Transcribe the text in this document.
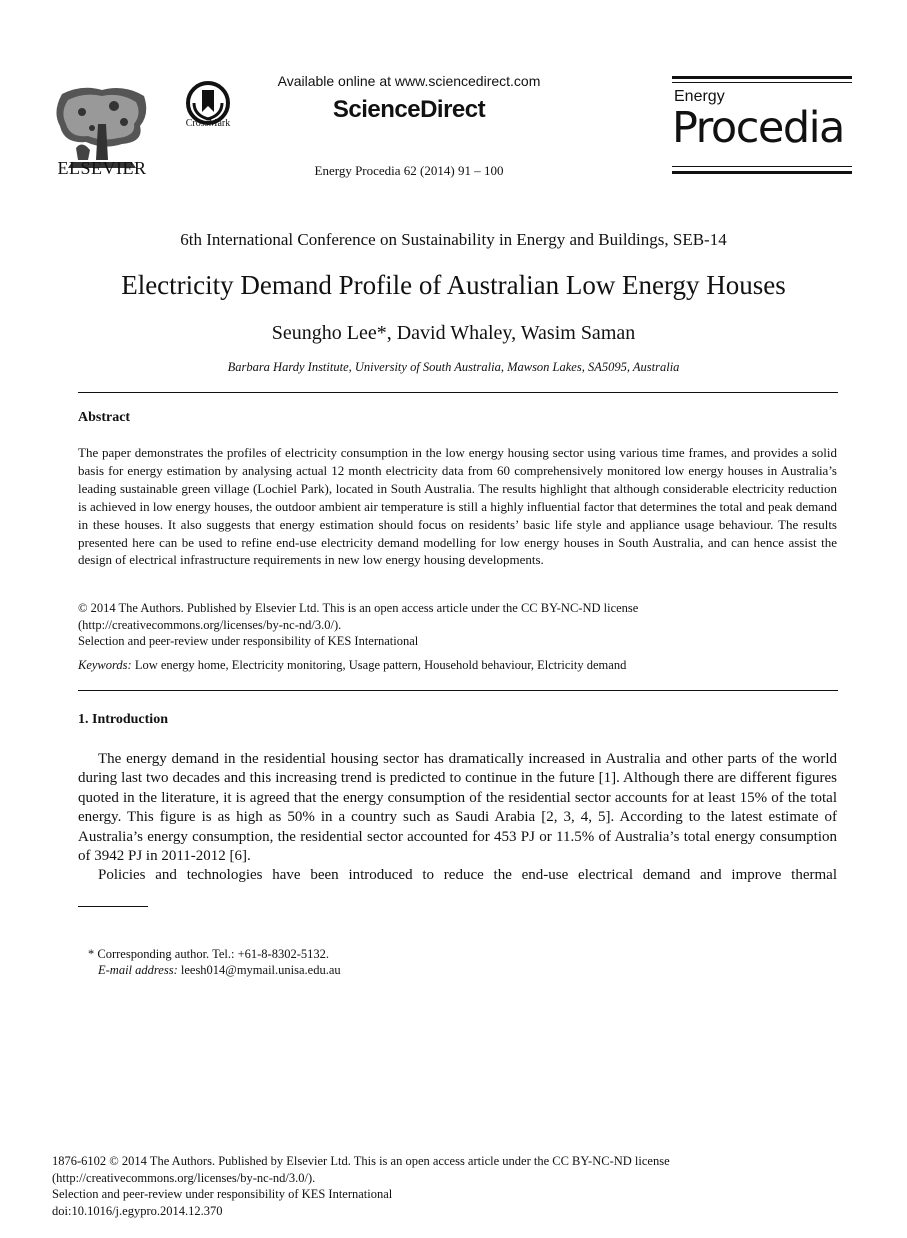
ELSEVIER
CrossMark
Available online at www.sciencedirect.com
ScienceDirect
Energy Procedia 62 (2014) 91 – 100
Energy
Procedia
6th International Conference on Sustainability in Energy and Buildings, SEB-14
Electricity Demand Profile of Australian Low Energy Houses
Seungho Lee*, David Whaley, Wasim Saman
Barbara Hardy Institute, University of South Australia, Mawson Lakes, SA5095, Australia
Abstract
The paper demonstrates the profiles of electricity consumption in the low energy housing sector using various time frames, and provides a solid basis for energy estimation by analysing actual 12 month electricity data from 60 comprehensively monitored low energy houses in Australia’s leading sustainable green village (Lochiel Park), located in South Australia. The results highlight that although considerable electricity reduction is achieved in low energy houses, the outdoor ambient air temperature is still a highly influential factor that determines the total and peak demand in these houses. It also suggests that energy estimation should focus on residents’ basic life style and appliance usage behaviour. The results presented here can be used to refine end-use electricity demand modelling for low energy houses in South Australia, and can hence assist the design of electrical infrastructure requirements in new low energy housing developments.
© 2014 The Authors. Published by Elsevier Ltd. This is an open access article under the CC BY-NC-ND license
(http://creativecommons.org/licenses/by-nc-nd/3.0/).
Selection and peer-review under responsibility of KES International
Keywords: Low energy home, Electricity monitoring, Usage pattern, Household behaviour, Elctricity demand
1. Introduction

The energy demand in the residential housing sector has dramatically increased in Australia and other parts of the world during last two decades and this increasing trend is predicted to continue in the future [1]. Although there are different figures quoted in the literature, it is agreed that the energy consumption of the residential sector accounts for at least 15% of the total energy. This figure is as high as 50% in a country such as Saudi Arabia [2, 3, 4, 5]. According to the latest estimate of Australia’s energy consumption, the residential sector accounted for 453 PJ or 11.5% of Australia’s total energy consumption of 3942 PJ in 2011-2012 [6].

Policies and technologies have been introduced to reduce the end-use electrical demand and improve thermal

* Corresponding author. Tel.: +61-8-8302-5132.
E-mail address: leesh014@mymail.unisa.edu.au
1876-6102 © 2014 The Authors. Published by Elsevier Ltd. This is an open access article under the CC BY-NC-ND license
(http://creativecommons.org/licenses/by-nc-nd/3.0/).
Selection and peer-review under responsibility of KES International
doi:10.1016/j.egypro.2014.12.370
